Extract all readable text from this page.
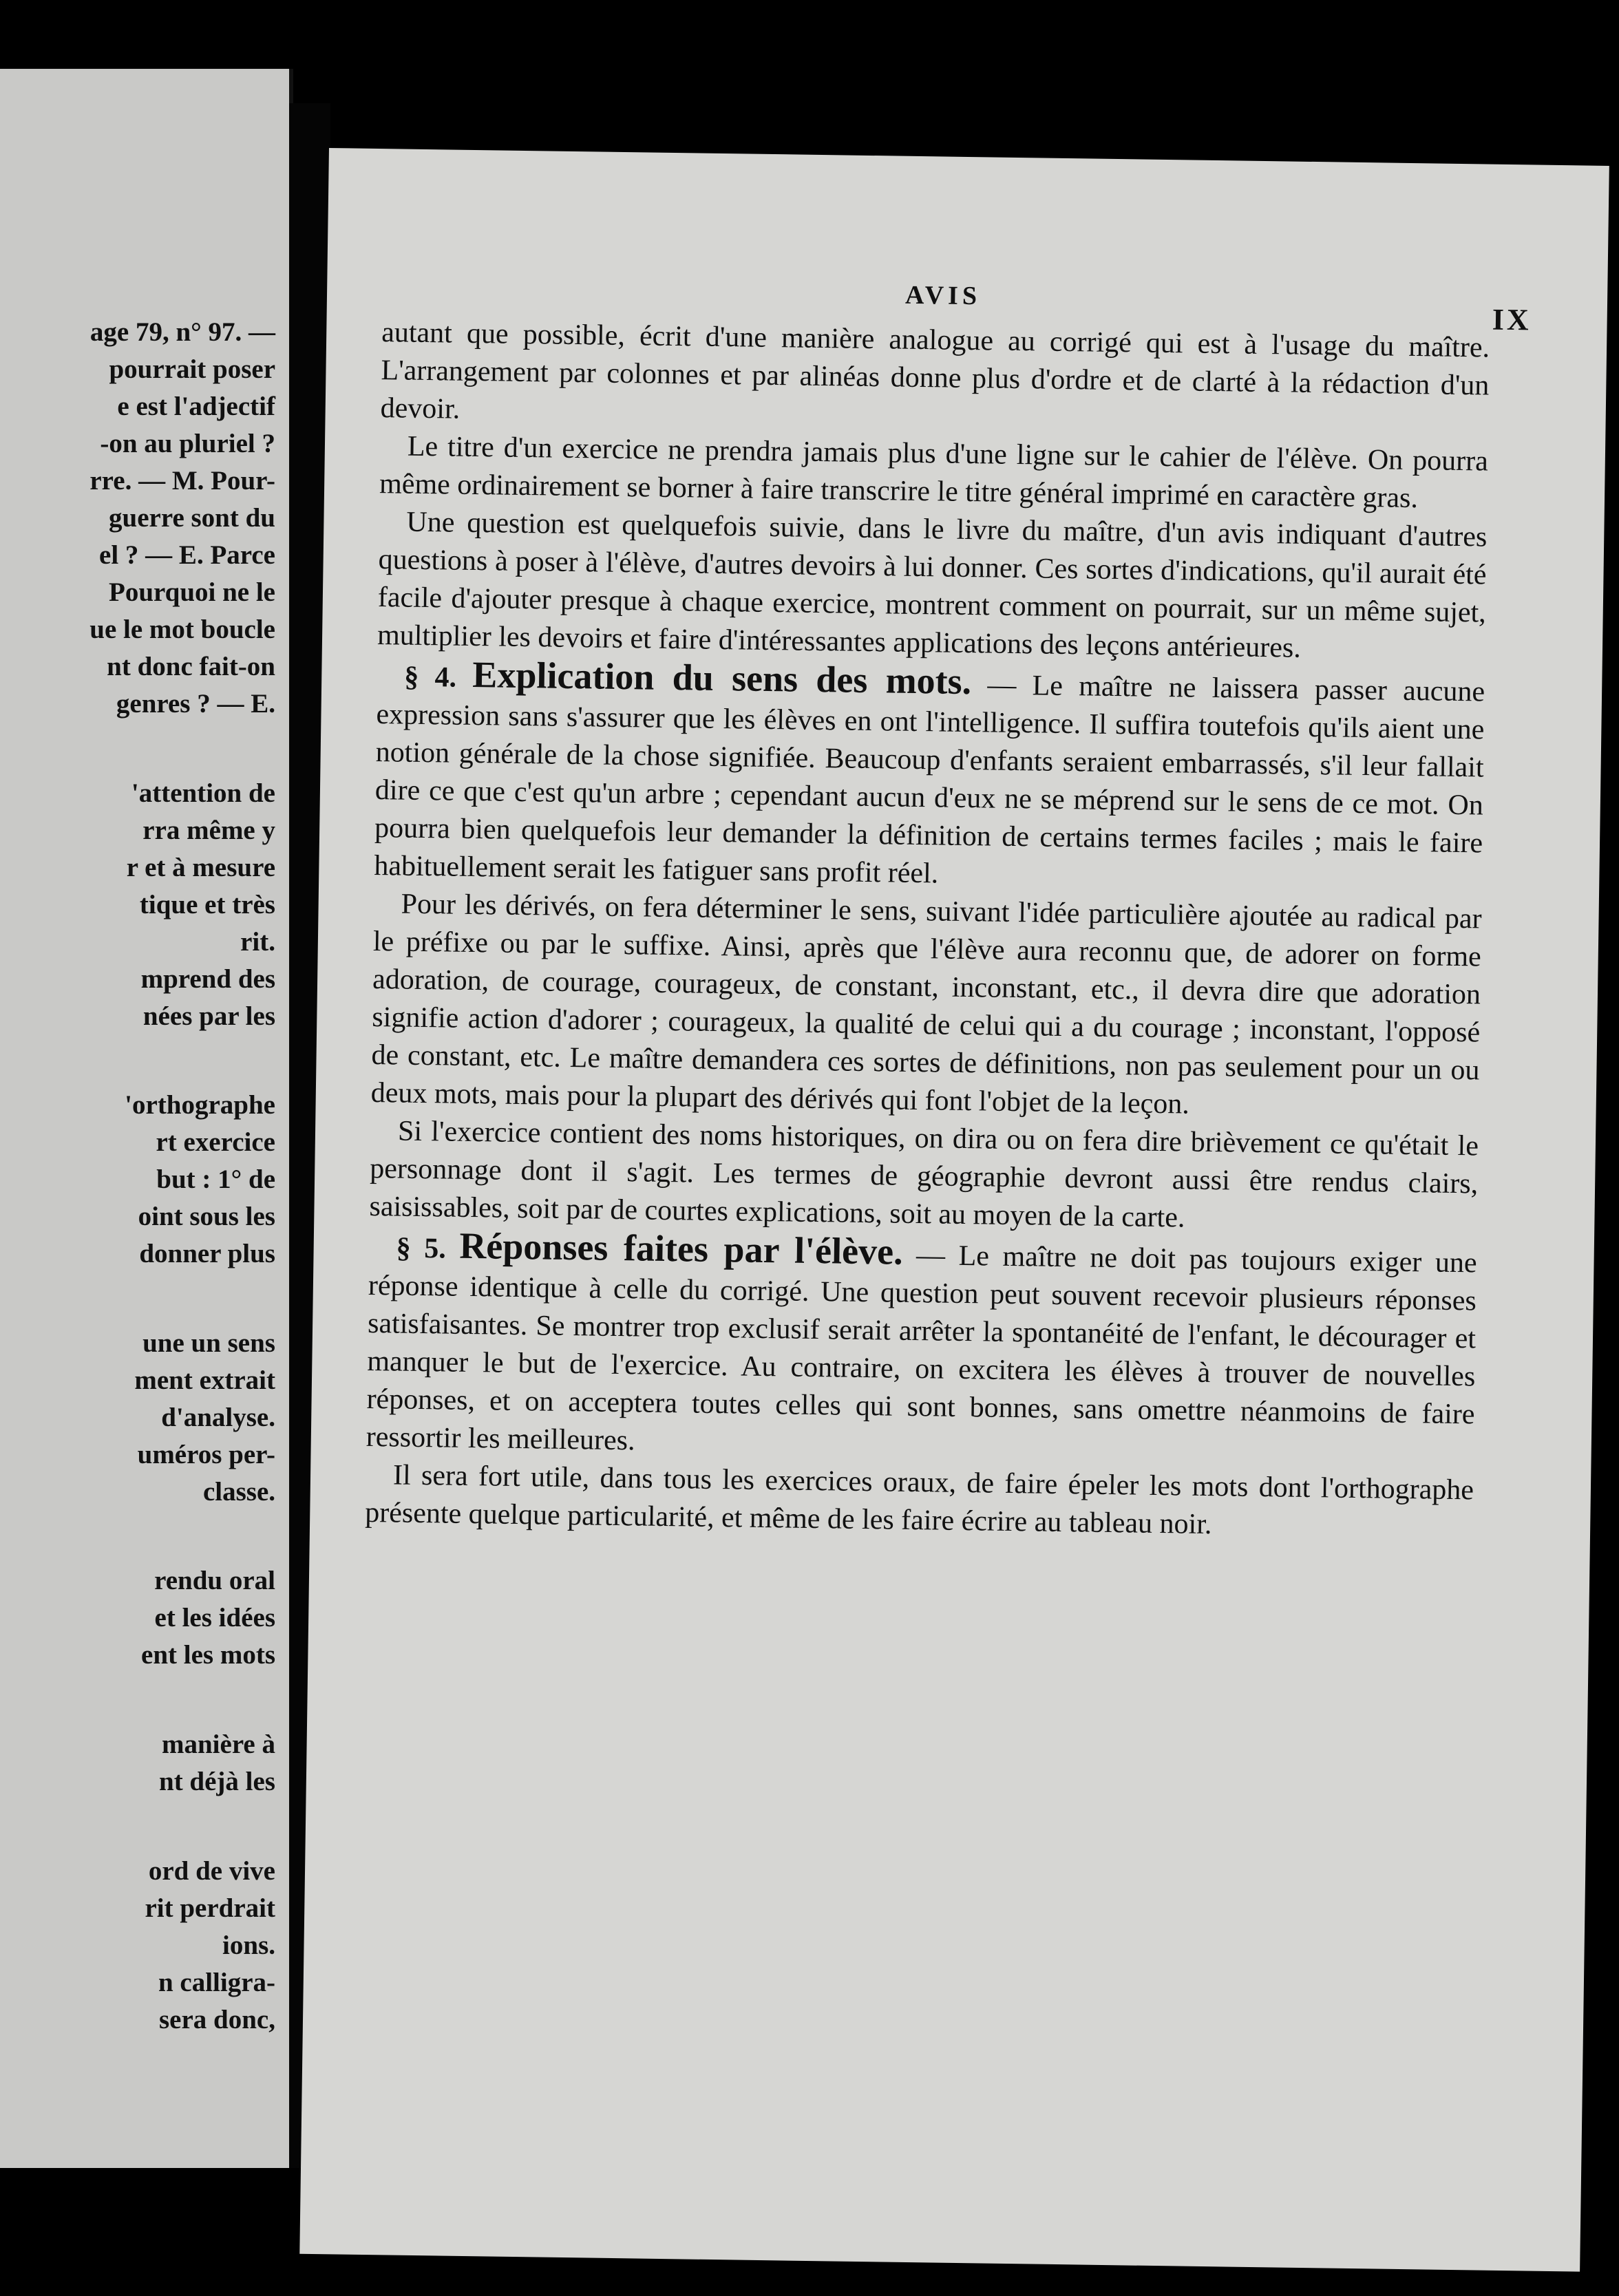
age 79, n° 97. —
pourrait poser
e est l'adjectif
-on au pluriel ?
rre. — M. Pour-
guerre sont du
el ? — E. Parce
Pourquoi ne le
ue le mot boucle
nt donc fait-on
genres ? — E.
'attention de
rra même y
r et à mesure
tique et très
rit.
mprend des
nées par les
'orthographe
rt exercice
but : 1° de
oint sous les
donner plus
une un sens
ment extrait
d'analyse.
uméros per-
classe.
rendu oral
et les idées
ent les mots
manière à
nt déjà les
ord de vive
rit perdrait
ions.
n calligra-
sera donc,
AVIS
IX

autant que possible, écrit d'une manière analogue au corrigé qui est à l'usage du maître. L'arrangement par colonnes et par alinéas donne plus d'ordre et de clarté à la rédaction d'un devoir.

Le titre d'un exercice ne prendra jamais plus d'une ligne sur le cahier de l'élève. On pourra même ordinairement se borner à faire transcrire le titre général imprimé en caractère gras.

Une question est quelquefois suivie, dans le livre du maître, d'un avis indiquant d'autres questions à poser à l'élève, d'autres devoirs à lui donner. Ces sortes d'indications, qu'il aurait été facile d'ajouter presque à chaque exercice, montrent comment on pourrait, sur un même sujet, multiplier les devoirs et faire d'intéressantes applications des leçons antérieures.

§ 4. Explication du sens des mots. — Le maître ne laissera passer aucune expression sans s'assurer que les élèves en ont l'intelligence. Il suffira toutefois qu'ils aient une notion générale de la chose signifiée. Beaucoup d'enfants seraient embarrassés, s'il leur fallait dire ce que c'est qu'un arbre ; cependant aucun d'eux ne se méprend sur le sens de ce mot. On pourra bien quelquefois leur demander la définition de certains termes faciles ; mais le faire habituellement serait les fatiguer sans profit réel.

Pour les dérivés, on fera déterminer le sens, suivant l'idée particulière ajoutée au radical par le préfixe ou par le suffixe. Ainsi, après que l'élève aura reconnu que, de adorer on forme adoration, de courage, courageux, de constant, inconstant, etc., il devra dire que adoration signifie action d'adorer ; courageux, la qualité de celui qui a du courage ; inconstant, l'opposé de constant, etc. Le maître demandera ces sortes de définitions, non pas seulement pour un ou deux mots, mais pour la plupart des dérivés qui font l'objet de la leçon.

Si l'exercice contient des noms historiques, on dira ou on fera dire brièvement ce qu'était le personnage dont il s'agit. Les termes de géographie devront aussi être rendus clairs, saisissables, soit par de courtes explications, soit au moyen de la carte.

§ 5. Réponses faites par l'élève. — Le maître ne doit pas toujours exiger une réponse identique à celle du corrigé. Une question peut souvent recevoir plusieurs réponses satisfaisantes. Se montrer trop exclusif serait arrêter la spontanéité de l'enfant, le décourager et manquer le but de l'exercice. Au contraire, on excitera les élèves à trouver de nouvelles réponses, et on acceptera toutes celles qui sont bonnes, sans omettre néanmoins de faire ressortir les meilleures.

Il sera fort utile, dans tous les exercices oraux, de faire épeler les mots dont l'orthographe présente quelque particularité, et même de les faire écrire au tableau noir.
